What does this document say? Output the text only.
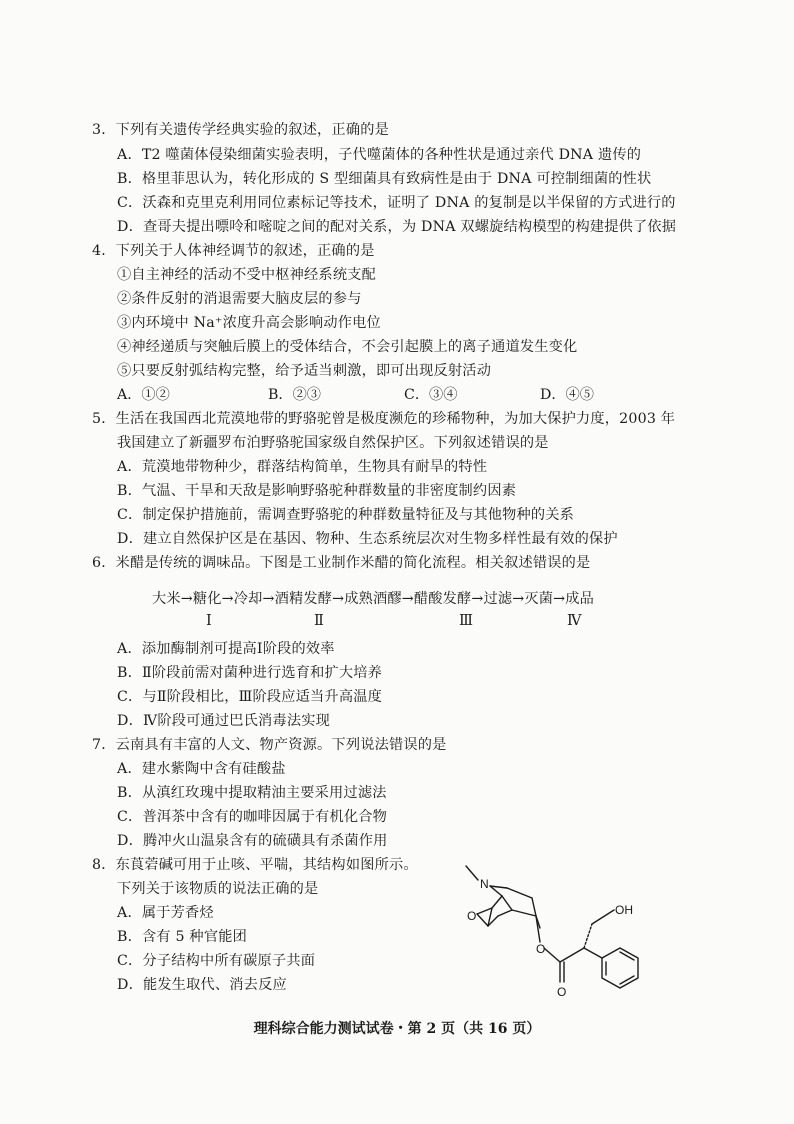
3．下列有关遗传学经典实验的叙述，正确的是
A．T2 噬菌体侵染细菌实验表明，子代噬菌体的各种性状是通过亲代 DNA 遗传的
B．格里菲思认为，转化形成的 S 型细菌具有致病性是由于 DNA 可控制细菌的性状
C．沃森和克里克利用同位素标记等技术，证明了 DNA 的复制是以半保留的方式进行的
D．查哥夫提出嘌呤和嘧啶之间的配对关系，为 DNA 双螺旋结构模型的构建提供了依据
4．下列关于人体神经调节的叙述，正确的是
①自主神经的活动不受中枢神经系统支配
②条件反射的消退需要大脑皮层的参与
③内环境中 Na⁺浓度升高会影响动作电位
④神经递质与突触后膜上的受体结合，不会引起膜上的离子通道发生变化
⑤只要反射弧结构完整，给予适当刺激，即可出现反射活动
A．①②	B．②③	C．③④	D．④⑤
5．生活在我国西北荒漠地带的野骆驼曾是极度濒危的珍稀物种，为加大保护力度，2003 年
我国建立了新疆罗布泊野骆驼国家级自然保护区。下列叙述错误的是
A．荒漠地带物种少，群落结构简单，生物具有耐旱的特性
B．气温、干旱和天敌是影响野骆驼种群数量的非密度制约因素
C．制定保护措施前，需调查野骆驼的种群数量特征及与其他物种的关系
D．建立自然保护区是在基因、物种、生态系统层次对生物多样性最有效的保护
6．米醋是传统的调味品。下图是工业制作米醋的简化流程。相关叙述错误的是
大米→糖化→冷却→酒精发酵→成熟酒醪→醋酸发酵→过滤→灭菌→成品
Ⅰ	Ⅱ	Ⅲ	Ⅳ
A．添加酶制剂可提高Ⅰ阶段的效率
B．Ⅱ阶段前需对菌种进行选育和扩大培养
C．与Ⅱ阶段相比，Ⅲ阶段应适当升高温度
D．Ⅳ阶段可通过巴氏消毒法实现
7．云南具有丰富的人文、物产资源。下列说法错误的是
A．建水紫陶中含有硅酸盐
B．从滇红玫瑰中提取精油主要采用过滤法
C．普洱茶中含有的咖啡因属于有机化合物
D．腾冲火山温泉含有的硫磺具有杀菌作用
8．东莨菪碱可用于止咳、平喘，其结构如图所示。
下列关于该物质的说法正确的是
A．属于芳香烃
B．含有 5 种官能团
C．分子结构中所有碳原子共面
D．能发生取代、消去反应
N
O
O
O
OH
理科综合能力测试试卷・第 2 页（共 16 页）
